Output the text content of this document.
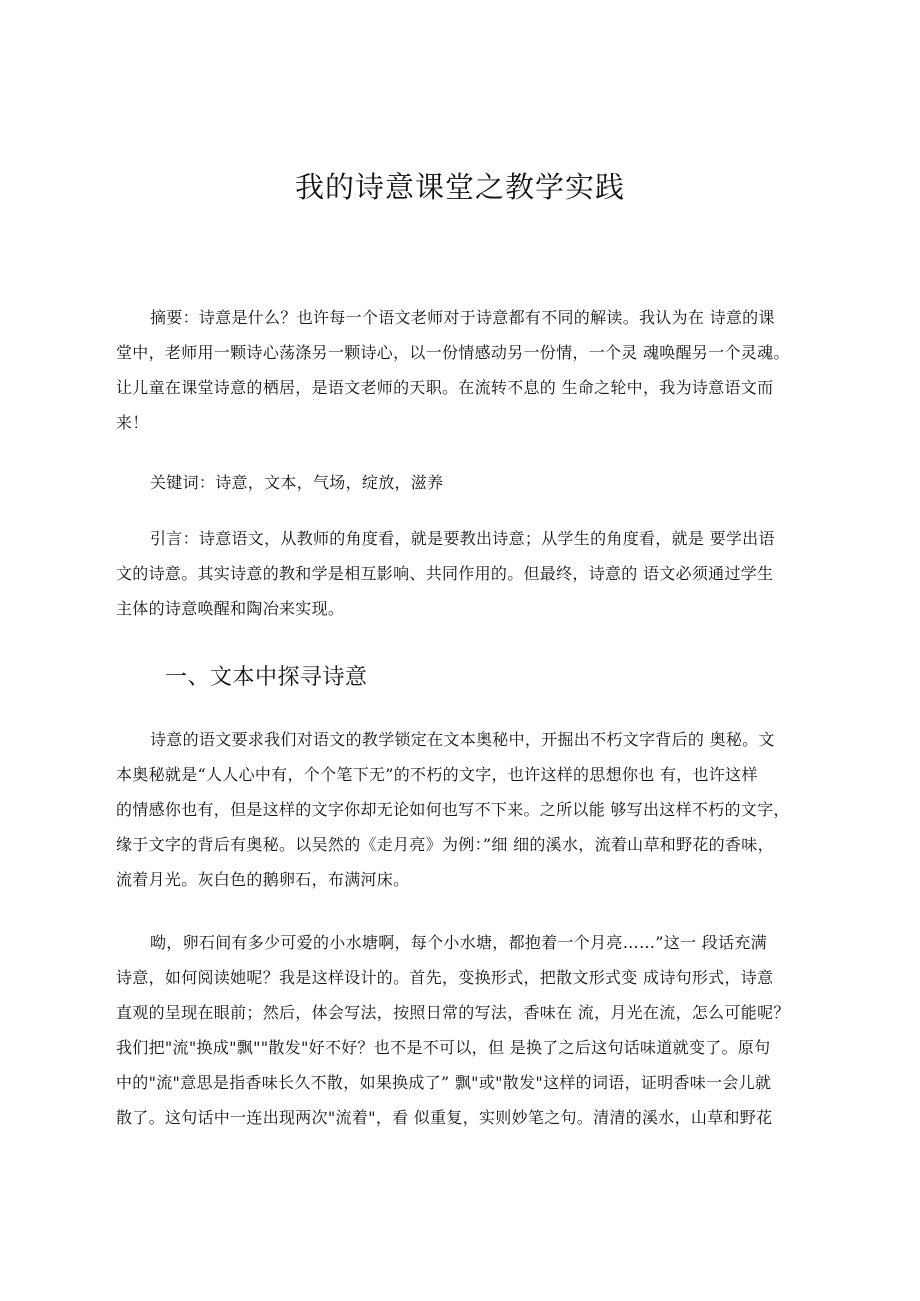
我的诗意课堂之教学实践
摘要：诗意是什么？也许每一个语文老师对于诗意都有不同的解读。我认为在 诗意的课
堂中，老师用一颗诗心荡涤另一颗诗心，以一份情感动另一份情，一个灵 魂唤醒另一个灵魂。
让儿童在课堂诗意的栖居，是语文老师的天职。在流转不息的 生命之轮中，我为诗意语文而
来！
关键词：诗意，文本，气场，绽放，滋养
引言：诗意语文，从教师的角度看，就是要教出诗意；从学生的角度看，就是 要学出语
文的诗意。其实诗意的教和学是相互影响、共同作用的。但最终，诗意的 语文必须通过学生
主体的诗意唤醒和陶冶来实现。
一、文本中探寻诗意
诗意的语文要求我们对语文的教学锁定在文本奥秘中，开掘出不朽文字背后的 奥秘。文
本奥秘就是“人人心中有，个个笔下无”的不朽的文字，也许这样的思想你也 有，也许这样
的情感你也有，但是这样的文字你却无论如何也写不下来。之所以能 够写出这样不朽的文字，
缘于文字的背后有奥秘。以吴然的《走月亮》为例：”细 细的溪水，流着山草和野花的香味，
流着月光。灰白色的鹅卵石，布满河床。
呦，卵石间有多少可爱的小水塘啊，每个小水塘，都抱着一个月亮……”这一 段话充满
诗意，如何阅读她呢？我是这样设计的。首先，变换形式，把散文形式变 成诗句形式，诗意
直观的呈现在眼前；然后，体会写法，按照日常的写法，香味在 流，月光在流，怎么可能呢？
我们把"流"换成"飘""散发"好不好？也不是不可以，但 是换了之后这句话味道就变了。原句
中的"流"意思是指香味长久不散，如果换成了” 飘"或"散发"这样的词语，证明香味一会儿就
散了。这句话中一连出现两次"流着"，看 似重复，实则妙笔之句。清清的溪水，山草和野花
